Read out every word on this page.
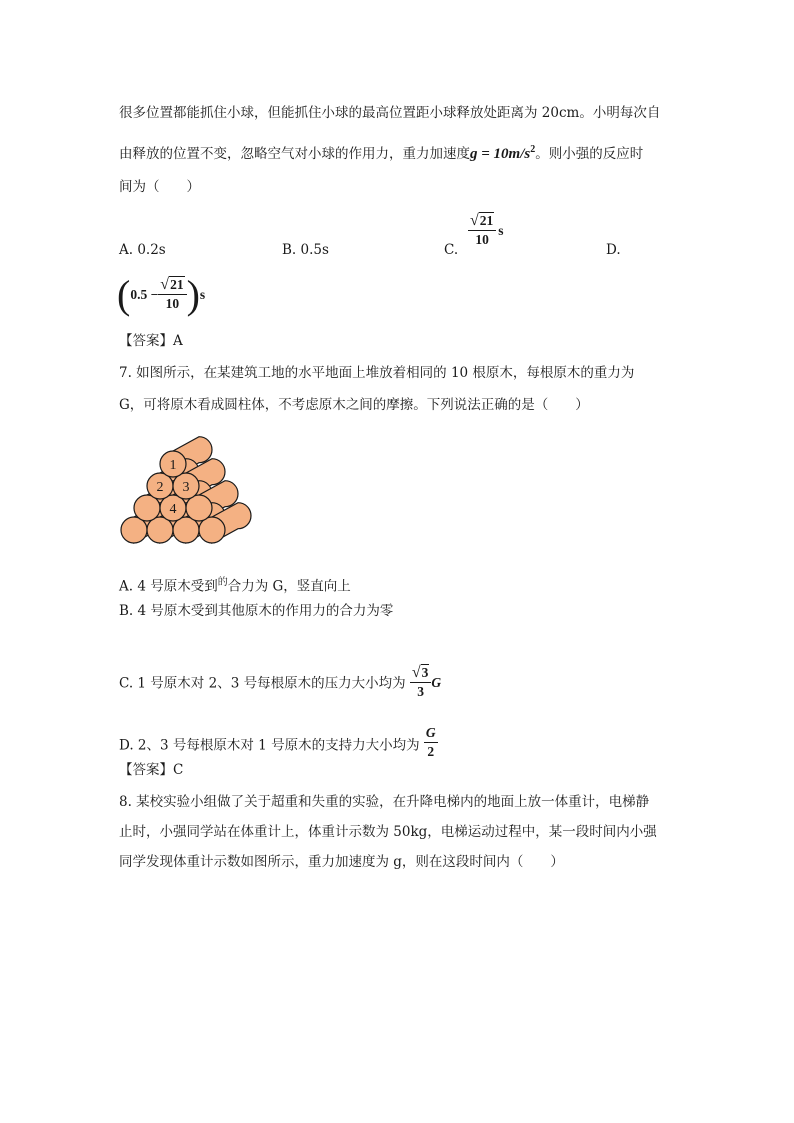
很多位置都能抓住小球，但能抓住小球的最高位置距小球释放处距离为 20cm。小明每次自
由释放的位置不变，忽略空气对小球的作用力，重力加速度$g = 10m/s^2$。则小强的反应时
间为（　　）
A. 0.2s	B. 0.5s	C.
$\frac{√ 21}{10}$ s
D.
$(0.5 - \frac{√ 21}{10} )s$
【答案】A
7. 如图所示，在某建筑工地的水平地面上堆放着相同的 10 根原木，每根原木的重力为
G，可将原木看成圆柱体，不考虑原木之间的摩擦。下列说法正确的是（　　）
1
2 3
4
A. 4 号原木受到$^的$合力为 G，竖直向上
B. 4 号原木受到其他原木的作用力的合力为零
C. 1 号原木对 2、3 号每根原木的压力大小均为 $\frac{√ 3}{3}$ G
D. 2、3 号每根原木对 1 号原木的支持力大小均为 $\frac{G}{2}$
【答案】C
8. 某校实验小组做了关于超重和失重的实验，在升降电梯内的地面上放一体重计，电梯静
止时，小强同学站在体重计上，体重计示数为 50kg，电梯运动过程中，某一段时间内小强
同学发现体重计示数如图所示，重力加速度为 g，则在这段时间内（　　）
